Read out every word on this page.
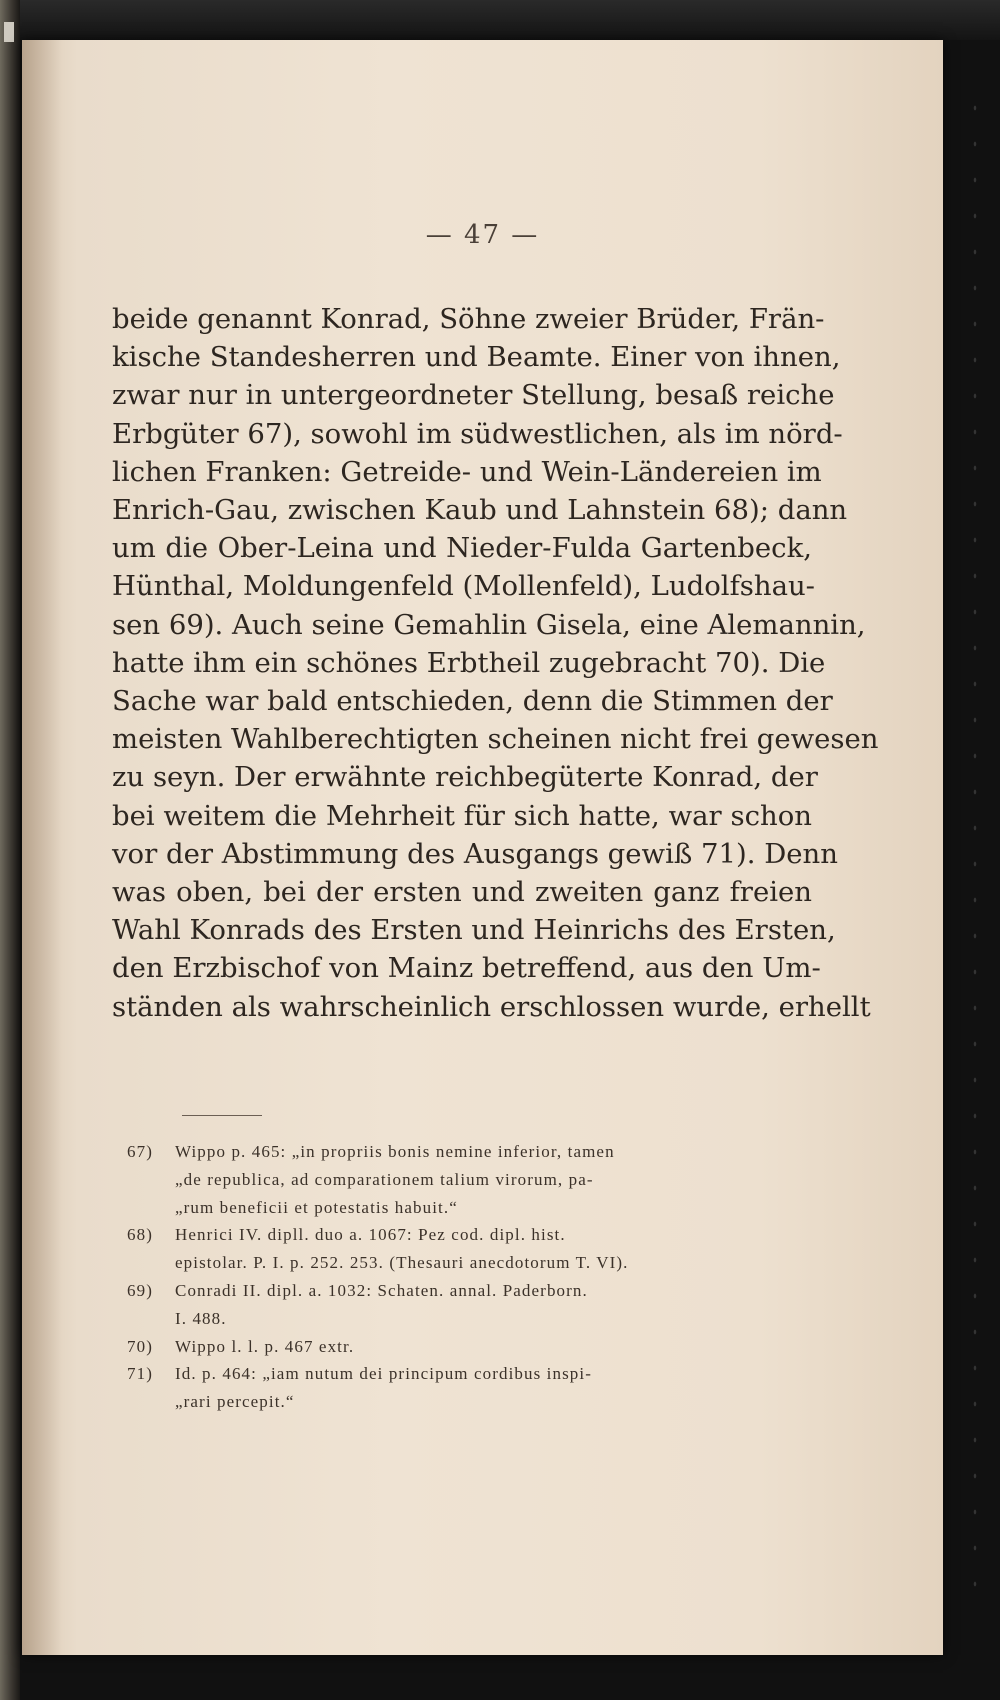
— 47 —
beide genannt Konrad, Söhne zweier Brüder, Frän-
kische Standesherren und Beamte. Einer von ihnen,
zwar nur in untergeordneter Stellung, besaß reiche
Erbgüter 67), sowohl im südwestlichen, als im nörd-
lichen Franken: Getreide- und Wein-Ländereien im
Enrich-Gau, zwischen Kaub und Lahnstein 68); dann
um die Ober-Leina und Nieder-Fulda Gartenbeck,
Hünthal, Moldungenfeld (Mollenfeld), Ludolfshau-
sen 69). Auch seine Gemahlin Gisela, eine Alemannin,
hatte ihm ein schönes Erbtheil zugebracht 70). Die
Sache war bald entschieden, denn die Stimmen der
meisten Wahlberechtigten scheinen nicht frei gewesen
zu seyn. Der erwähnte reichbegüterte Konrad, der
bei weitem die Mehrheit für sich hatte, war schon
vor der Abstimmung des Ausgangs gewiß 71). Denn
was oben, bei der ersten und zweiten ganz freien
Wahl Konrads des Ersten und Heinrichs des Ersten,
den Erzbischof von Mainz betreffend, aus den Um-
ständen als wahrscheinlich erschlossen wurde, erhellt
67) Wippo p. 465: „in propriis bonis nemine inferior, tamen
„de republica, ad comparationem talium virorum, pa-
„rum beneficii et potestatis habuit.“
68) Henrici IV. dipll. duo a. 1067: Pez cod. dipl. hist.
epistolar. P. I. p. 252. 253. (Thesauri anecdotorum T. VI).
69) Conradi II. dipl. a. 1032: Schaten. annal. Paderborn.
I. 488.
70) Wippo l. l. p. 467 extr.
71) Id. p. 464: „iam nutum dei principum cordibus inspi-
„rari percepit.“
